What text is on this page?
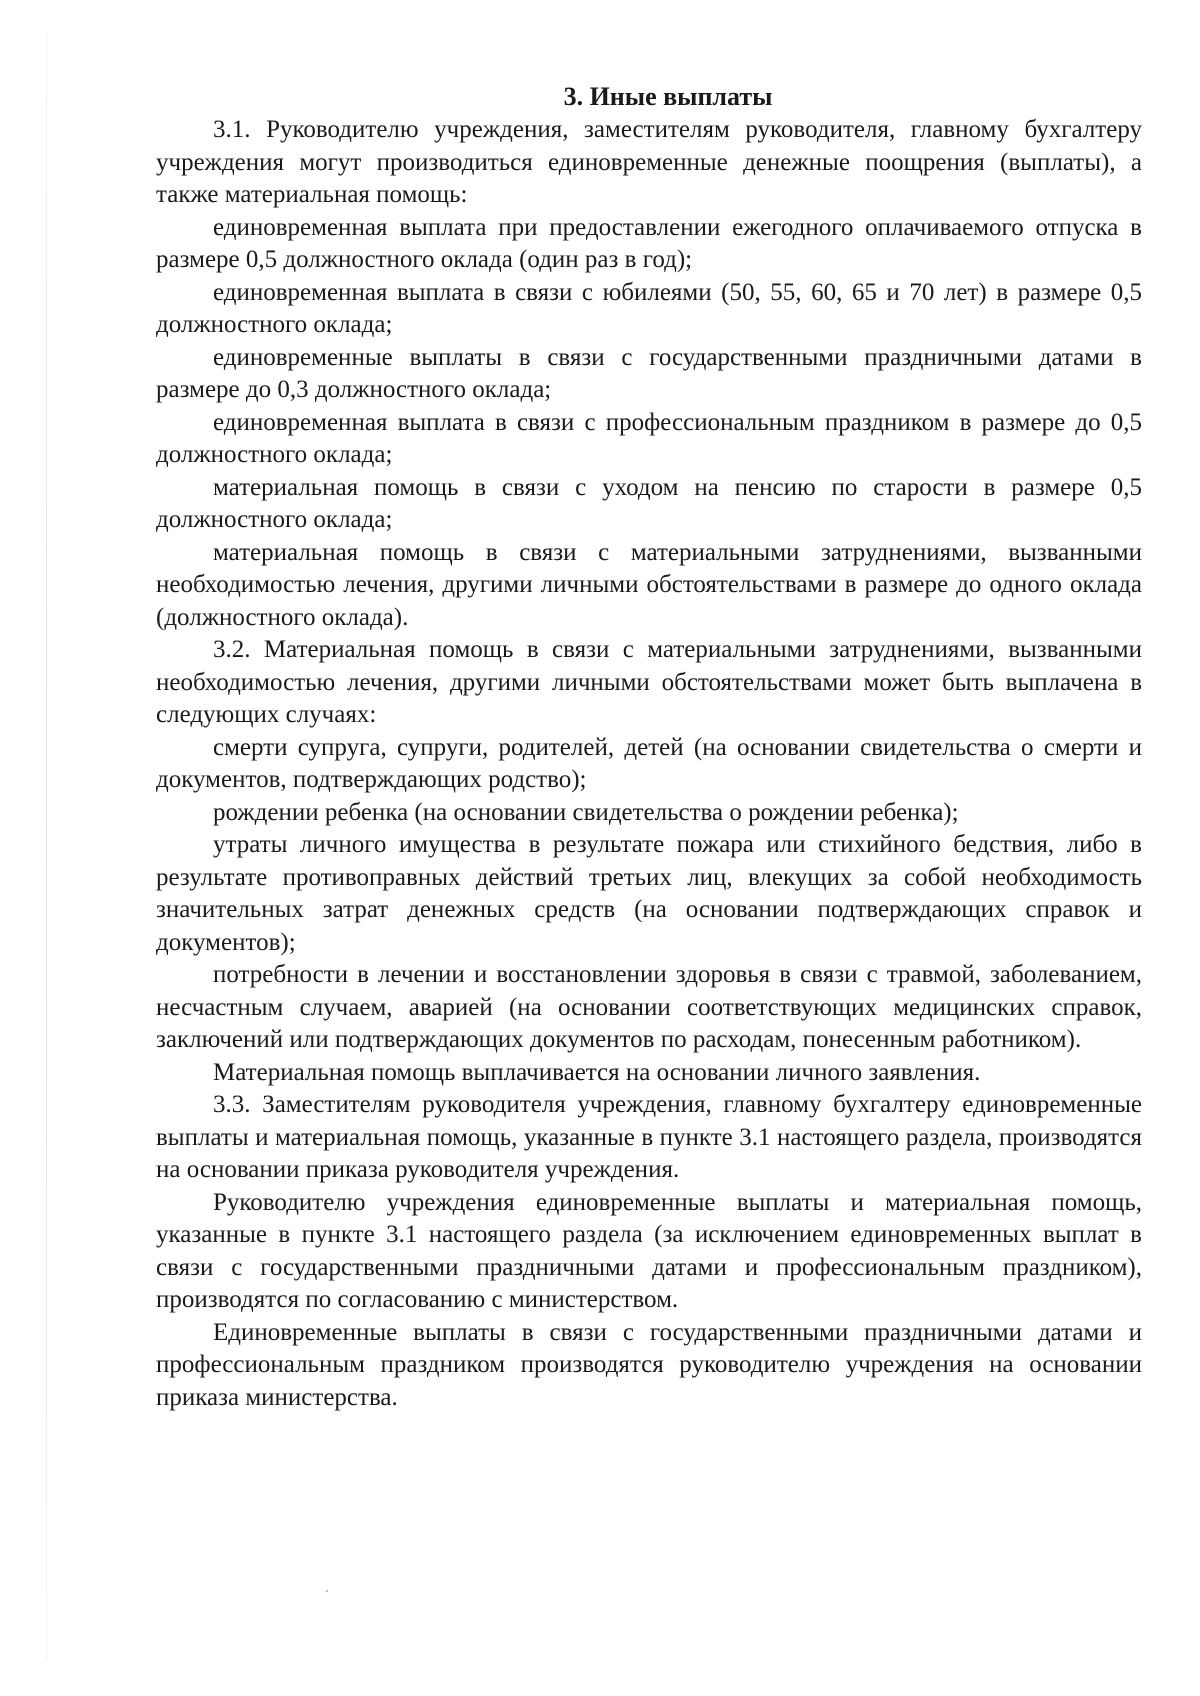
3. Иные выплаты

3.1. Руководителю учреждения, заместителям руководителя, главному бухгалтеру учреждения могут производиться единовременные денежные поощрения (выплаты), а также материальная помощь:

единовременная выплата при предоставлении ежегодного оплачиваемого отпуска в размере 0,5 должностного оклада (один раз в год);

единовременная выплата в связи с юбилеями (50, 55, 60, 65 и 70 лет) в размере 0,5 должностного оклада;

единовременные выплаты в связи с государственными праздничными датами в размере до 0,3 должностного оклада;

единовременная выплата в связи с профессиональным праздником в размере до 0,5 должностного оклада;

материальная помощь в связи с уходом на пенсию по старости в размере 0,5 должностного оклада;

материальная помощь в связи с материальными затруднениями, вызванными необходимостью лечения, другими личными обстоятельствами в размере до одного оклада (должностного оклада).

3.2. Материальная помощь в связи с материальными затруднениями, вызванными необходимостью лечения, другими личными обстоятельствами может быть выплачена в следующих случаях:

смерти супруга, супруги, родителей, детей (на основании свидетельства о смерти и документов, подтверждающих родство);

рождении ребенка (на основании свидетельства о рождении ребенка);

утраты личного имущества в результате пожара или стихийного бедствия, либо в результате противоправных действий третьих лиц, влекущих за собой необходимость значительных затрат денежных средств (на основании подтверждающих справок и документов);

потребности в лечении и восстановлении здоровья в связи с травмой, заболеванием, несчастным случаем, аварией (на основании соответствующих медицинских справок, заключений или подтверждающих документов по расходам, понесенным работником).

Материальная помощь выплачивается на основании личного заявления.

3.3. Заместителям руководителя учреждения, главному бухгалтеру единовременные выплаты и материальная помощь, указанные в пункте 3.1 настоящего раздела, производятся на основании приказа руководителя учреждения.

Руководителю учреждения единовременные выплаты и материальная помощь, указанные в пункте 3.1 настоящего раздела (за исключением единовременных выплат в связи с государственными праздничными датами и профессиональным праздником), производятся по согласованию с министерством.

Единовременные выплаты в связи с государственными праздничными датами и профессиональным праздником производятся руководителю учреждения на основании приказа министерства.
